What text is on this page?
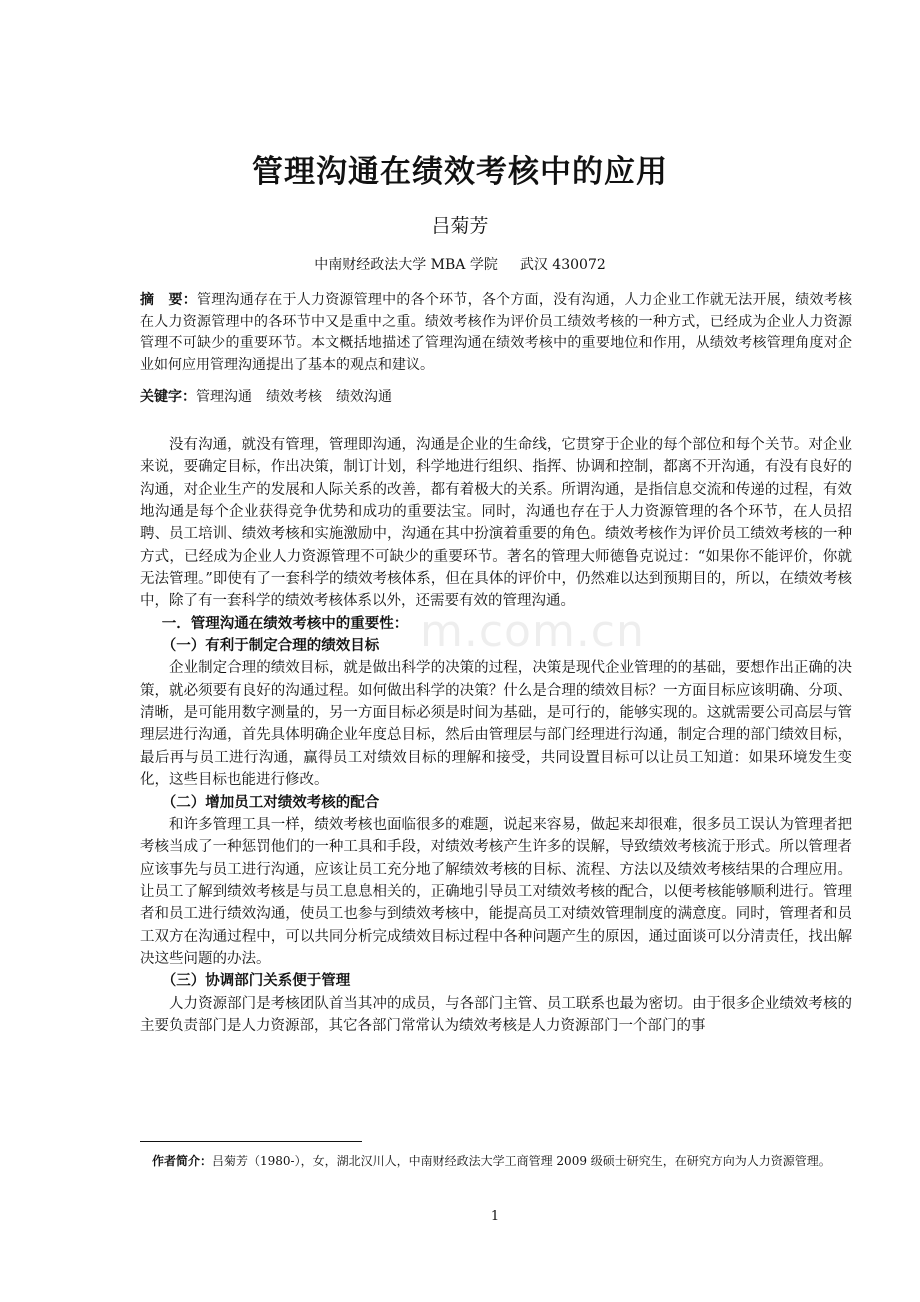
管理沟通在绩效考核中的应用
吕菊芳
中南财经政法大学 MBA 学院 武汉 430072
摘　要：管理沟通存在于人力资源管理中的各个环节，各个方面，没有沟通，人力企业工作就无法开展，绩效考核在人力资源管理中的各环节中又是重中之重。绩效考核作为评价员工绩效考核的一种方式，已经成为企业人力资源管理不可缺少的重要环节。本文概括地描述了管理沟通在绩效考核中的重要地位和作用，从绩效考核管理角度对企业如何应用管理沟通提出了基本的观点和建议。
关键字：管理沟通 绩效考核 绩效沟通

没有沟通，就没有管理，管理即沟通，沟通是企业的生命线，它贯穿于企业的每个部位和每个关节。对企业来说，要确定目标，作出决策，制订计划，科学地进行组织、指挥、协调和控制，都离不开沟通，有没有良好的沟通，对企业生产的发展和人际关系的改善，都有着极大的关系。所谓沟通，是指信息交流和传递的过程，有效地沟通是每个企业获得竞争优势和成功的重要法宝。同时，沟通也存在于人力资源管理的各个环节，在人员招聘、员工培训、绩效考核和实施激励中，沟通在其中扮演着重要的角色。绩效考核作为评价员工绩效考核的一种方式，已经成为企业人力资源管理不可缺少的重要环节。著名的管理大师德鲁克说过：“如果你不能评价，你就无法管理。”即使有了一套科学的绩效考核体系，但在具体的评价中，仍然难以达到预期目的，所以，在绩效考核中，除了有一套科学的绩效考核体系以外，还需要有效的管理沟通。

一．管理沟通在绩效考核中的重要性：
（一）有利于制定合理的绩效目标

企业制定合理的绩效目标，就是做出科学的决策的过程，决策是现代企业管理的的基础，要想作出正确的决策，就必须要有良好的沟通过程。如何做出科学的决策？什么是合理的绩效目标？一方面目标应该明确、分项、清晰，是可能用数字测量的，另一方面目标必须是时间为基础，是可行的，能够实现的。这就需要公司高层与管理层进行沟通，首先具体明确企业年度总目标，然后由管理层与部门经理进行沟通，制定合理的部门绩效目标，最后再与员工进行沟通，赢得员工对绩效目标的理解和接受，共同设置目标可以让员工知道：如果环境发生变化，这些目标也能进行修改。

（二）增加员工对绩效考核的配合

和许多管理工具一样，绩效考核也面临很多的难题，说起来容易，做起来却很难，很多员工误认为管理者把考核当成了一种惩罚他们的一种工具和手段，对绩效考核产生许多的误解，导致绩效考核流于形式。所以管理者应该事先与员工进行沟通，应该让员工充分地了解绩效考核的目标、流程、方法以及绩效考核结果的合理应用。让员工了解到绩效考核是与员工息息相关的，正确地引导员工对绩效考核的配合，以便考核能够顺利进行。管理者和员工进行绩效沟通，使员工也参与到绩效考核中，能提高员工对绩效管理制度的满意度。同时，管理者和员工双方在沟通过程中，可以共同分析完成绩效目标过程中各种问题产生的原因，通过面谈可以分清责任，找出解决这些问题的办法。

（三）协调部门关系便于管理

人力资源部门是考核团队首当其冲的成员，与各部门主管、员工联系也最为密切。由于很多企业绩效考核的主要负责部门是人力资源部，其它各部门常常认为绩效考核是人力资源部门一个部门的事

m.com.cn
作者简介：吕菊芳（1980-），女，湖北汉川人，中南财经政法大学工商管理 2009 级硕士研究生，在研究方向为人力资源管理。
1
